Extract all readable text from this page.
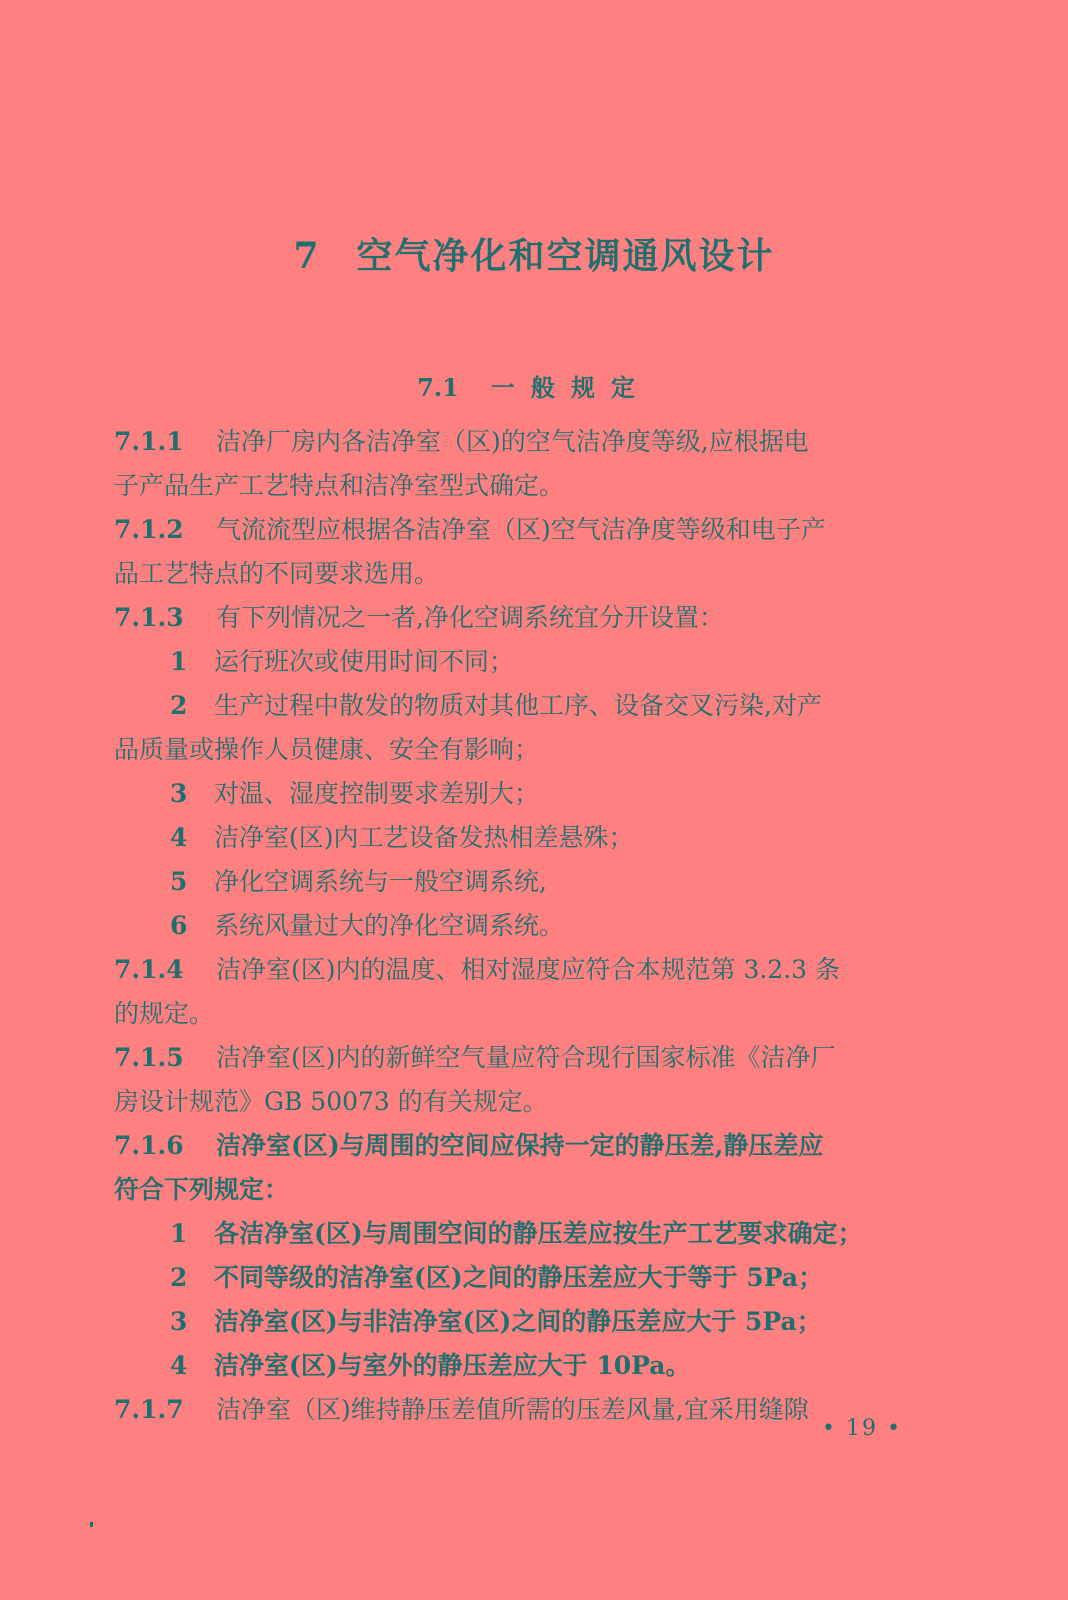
7 空气净化和空调通风设计
7.1 一般规定
7.1.1 洁净厂房内各洁净室（区)的空气洁净度等级,应根据电
子产品生产工艺特点和洁净室型式确定。
7.1.2 气流流型应根据各洁净室（区)空气洁净度等级和电子产
品工艺特点的不同要求选用。
7.1.3 有下列情况之一者,净化空调系统宜分开设置：
1 运行班次或使用时间不同；
2 生产过程中散发的物质对其他工序、设备交叉污染,对产
品质量或操作人员健康、安全有影响；
3 对温、湿度控制要求差别大；
4 洁净室(区)内工艺设备发热相差悬殊；
5 净化空调系统与一般空调系统,
6 系统风量过大的净化空调系统。
7.1.4 洁净室(区)内的温度、相对湿度应符合本规范第 3.2.3 条
的规定。
7.1.5 洁净室(区)内的新鲜空气量应符合现行国家标准《洁净厂
房设计规范》GB 50073 的有关规定。
7.1.6 洁净室(区)与周围的空间应保持一定的静压差,静压差应
符合下列规定：
1 各洁净室(区)与周围空间的静压差应按生产工艺要求确定；
2 不同等级的洁净室(区)之间的静压差应大于等于 5Pa；
3 洁净室(区)与非洁净室(区)之间的静压差应大于 5Pa；
4 洁净室(区)与室外的静压差应大于 10Pa。
7.1.7 洁净室（区)维持静压差值所需的压差风量,宜采用缝隙
• 19 •
